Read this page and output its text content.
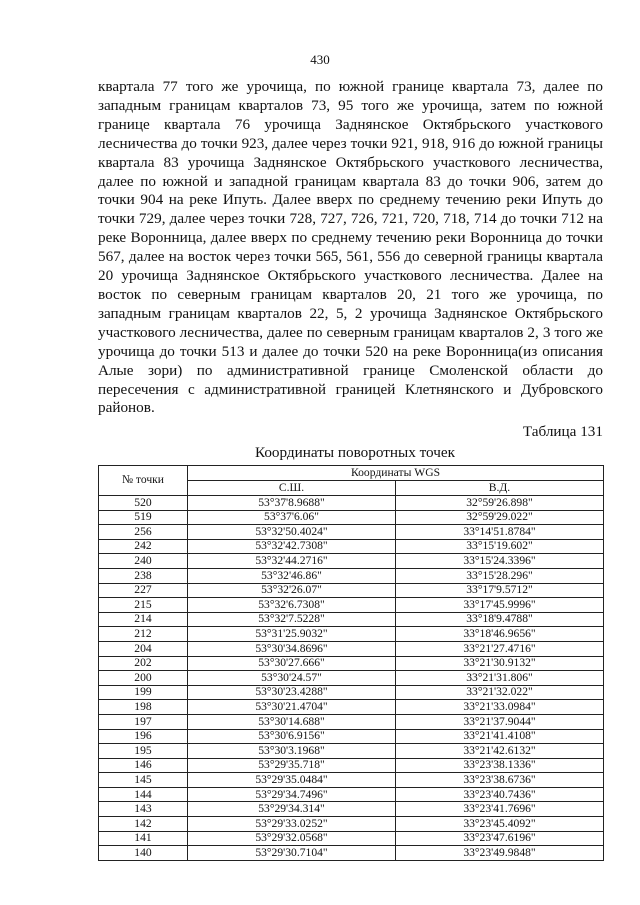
430

квартала 77 того же урочища, по южной границе квартала 73, далее по западным границам кварталов 73, 95 того же урочища, затем по южной границе квартала 76 урочища Заднянское Октябрьского участкового лесничества до точки 923, далее через точки 921, 918, 916 до южной границы квартала 83 урочища Заднянское Октябрьского участкового лесничества, далее по южной и западной границам квартала 83 до точки 906, затем до точки 904 на реке Ипуть. Далее вверх по среднему течению реки Ипуть до точки 729, далее через точки 728, 727, 726, 721, 720, 718, 714 до точки 712 на реке Воронница, далее вверх по среднему течению реки Воронница до точки 567, далее на восток через точки 565, 561, 556 до северной границы квартала 20 урочища Заднянское Октябрьского участкового лесничества. Далее на восток по северным границам кварталов 20, 21 того же урочища, по западным границам кварталов 22, 5, 2 урочища Заднянское Октябрьского участкового лесничества, далее по северным границам кварталов 2, 3 того же урочища до точки 513 и далее до точки 520 на реке Воронница(из описания Алые зори) по административной границе Смоленской области до пересечения с административной границей Клетнянского и Дубровского районов.

Таблица 131
Координаты поворотных точек
№ точки	Координаты WGS	
	С.Ш.	В.Д.
520	53°37'8.9688"	32°59'26.898"
519	53°37'6.06"	32°59'29.022"
256	53°32'50.4024"	33°14'51.8784"
242	53°32'42.7308"	33°15'19.602"
240	53°32'44.2716"	33°15'24.3396"
238	53°32'46.86"	33°15'28.296"
227	53°32'26.07"	33°17'9.5712"
215	53°32'6.7308"	33°17'45.9996"
214	53°32'7.5228"	33°18'9.4788"
212	53°31'25.9032"	33°18'46.9656"
204	53°30'34.8696"	33°21'27.4716"
202	53°30'27.666"	33°21'30.9132"
200	53°30'24.57"	33°21'31.806"
199	53°30'23.4288"	33°21'32.022"
198	53°30'21.4704"	33°21'33.0984"
197	53°30'14.688"	33°21'37.9044"
196	53°30'6.9156"	33°21'41.4108"
195	53°30'3.1968"	33°21'42.6132"
146	53°29'35.718"	33°23'38.1336"
145	53°29'35.0484"	33°23'38.6736"
144	53°29'34.7496"	33°23'40.7436"
143	53°29'34.314"	33°23'41.7696"
142	53°29'33.0252"	33°23'45.4092"
141	53°29'32.0568"	33°23'47.6196"
140	53°29'30.7104"	33°23'49.9848"
